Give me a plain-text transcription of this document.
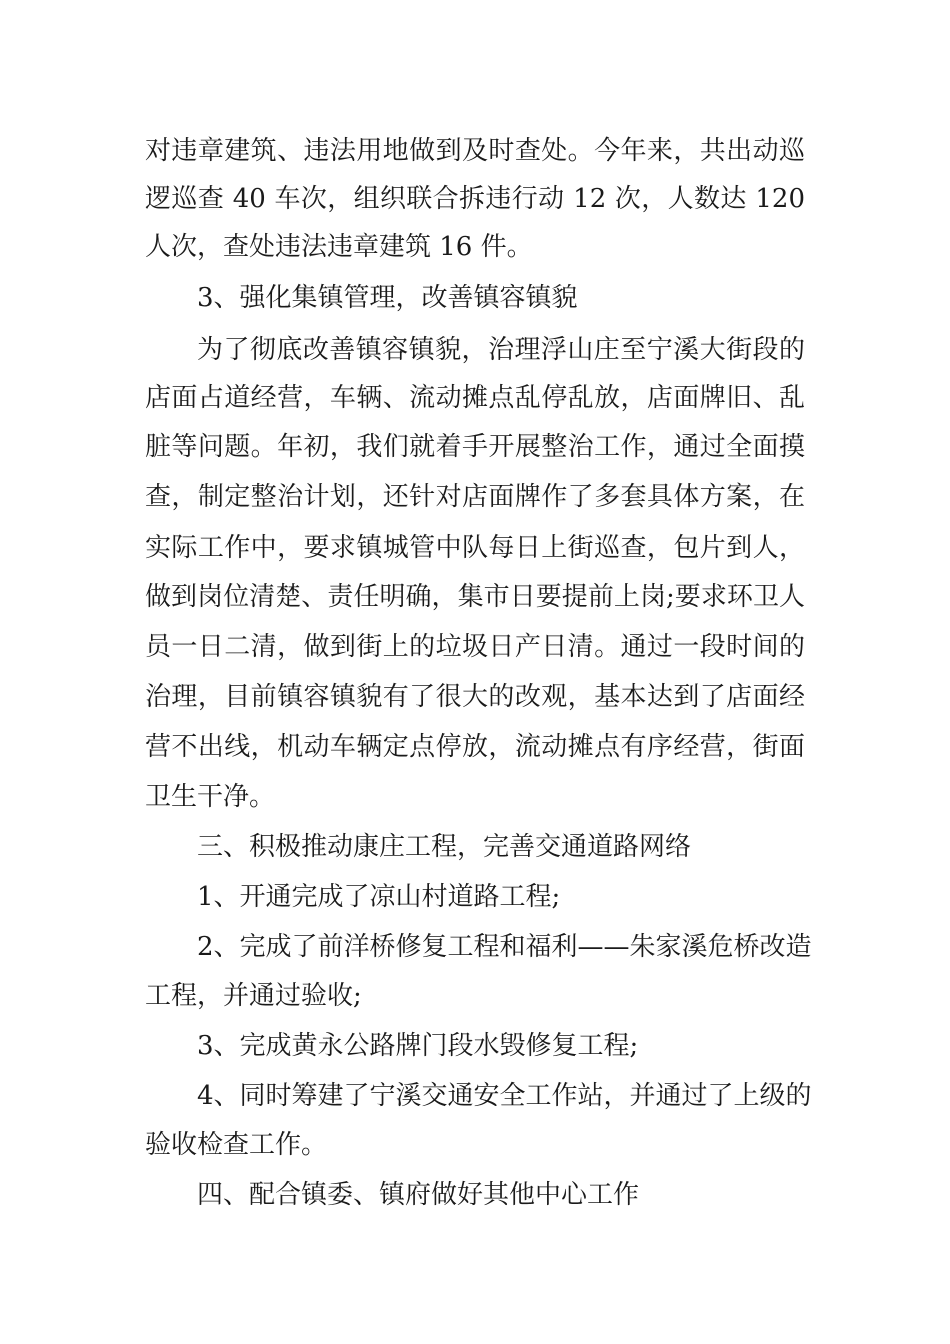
对违章建筑、违法用地做到及时查处。今年来，共出动巡
逻巡查 40 车次，组织联合拆违行动 12 次，人数达 120
人次，查处违法违章建筑 16 件。
3、强化集镇管理，改善镇容镇貌
为了彻底改善镇容镇貌，治理浮山庄至宁溪大街段的
店面占道经营，车辆、流动摊点乱停乱放，店面牌旧、乱
脏等问题。年初，我们就着手开展整治工作，通过全面摸
查，制定整治计划，还针对店面牌作了多套具体方案，在
实际工作中，要求镇城管中队每日上街巡查，包片到人，
做到岗位清楚、责任明确，集市日要提前上岗;要求环卫人
员一日二清，做到街上的垃圾日产日清。通过一段时间的
治理，目前镇容镇貌有了很大的改观，基本达到了店面经
营不出线，机动车辆定点停放，流动摊点有序经营，街面
卫生干净。
三、积极推动康庄工程，完善交通道路网络
1、开通完成了凉山村道路工程;
2、完成了前洋桥修复工程和福利——朱家溪危桥改造
工程，并通过验收;
3、完成黄永公路牌门段水毁修复工程;
4、同时筹建了宁溪交通安全工作站，并通过了上级的
验收检查工作。
四、配合镇委、镇府做好其他中心工作
